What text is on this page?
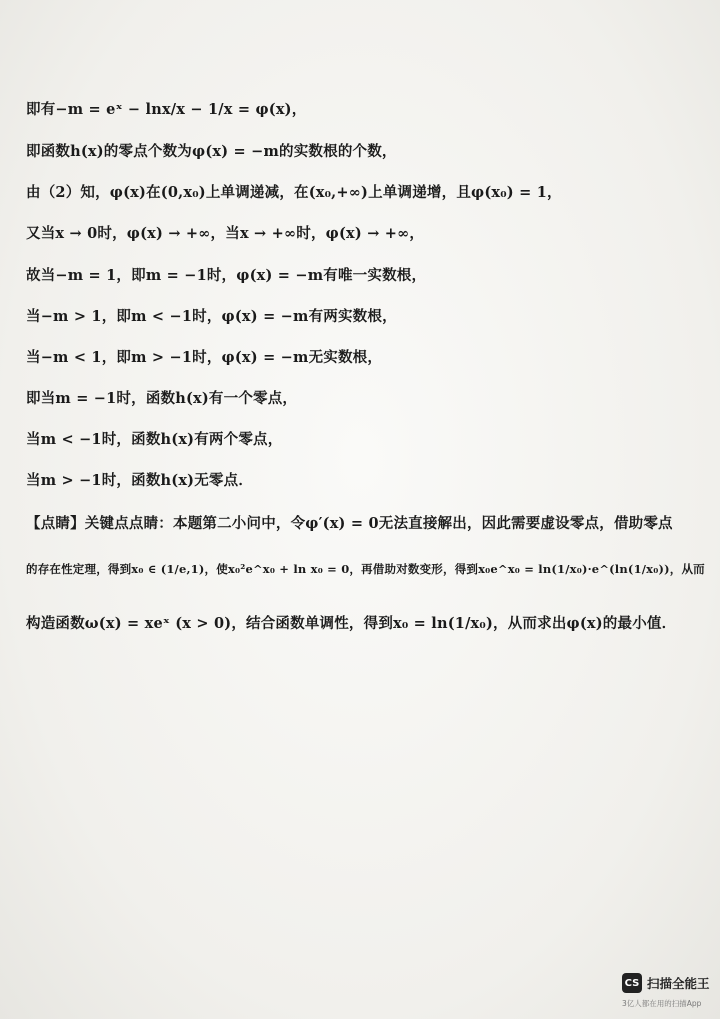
即有−m = eˣ − lnx/x − 1/x = φ(x)，
即函数h(x)的零点个数为φ(x) = −m的实数根的个数，
由（2）知，φ(x)在(0,x₀)上单调递减，在(x₀,+∞)上单调递增，且φ(x₀) = 1，
又当x → 0时，φ(x) → +∞，当x → +∞时，φ(x) → +∞，
故当−m = 1，即m = −1时，φ(x) = −m有唯一实数根，
当−m > 1，即m < −1时，φ(x) = −m有两实数根，
当−m < 1，即m > −1时，φ(x) = −m无实数根，
即当m = −1时，函数h(x)有一个零点，
当m < −1时，函数h(x)有两个零点，
当m > −1时，函数h(x)无零点．
【点睛】关键点点睛：本题第二小问中，令φ′(x) = 0无法直接解出，因此需要虚设零点，借助零点
的存在性定理，得到x₀ ∈ (1/e,1)，使x₀²e^x₀ + ln x₀ = 0，再借助对数变形，得到x₀e^x₀ = ln(1/x₀)·e^(ln(1/x₀))，从而
构造函数ω(x) = xeˣ (x > 0)，结合函数单调性，得到x₀ = ln(1/x₀)，从而求出φ(x)的最小值．
CS 扫描全能王
3亿人都在用的扫描App
